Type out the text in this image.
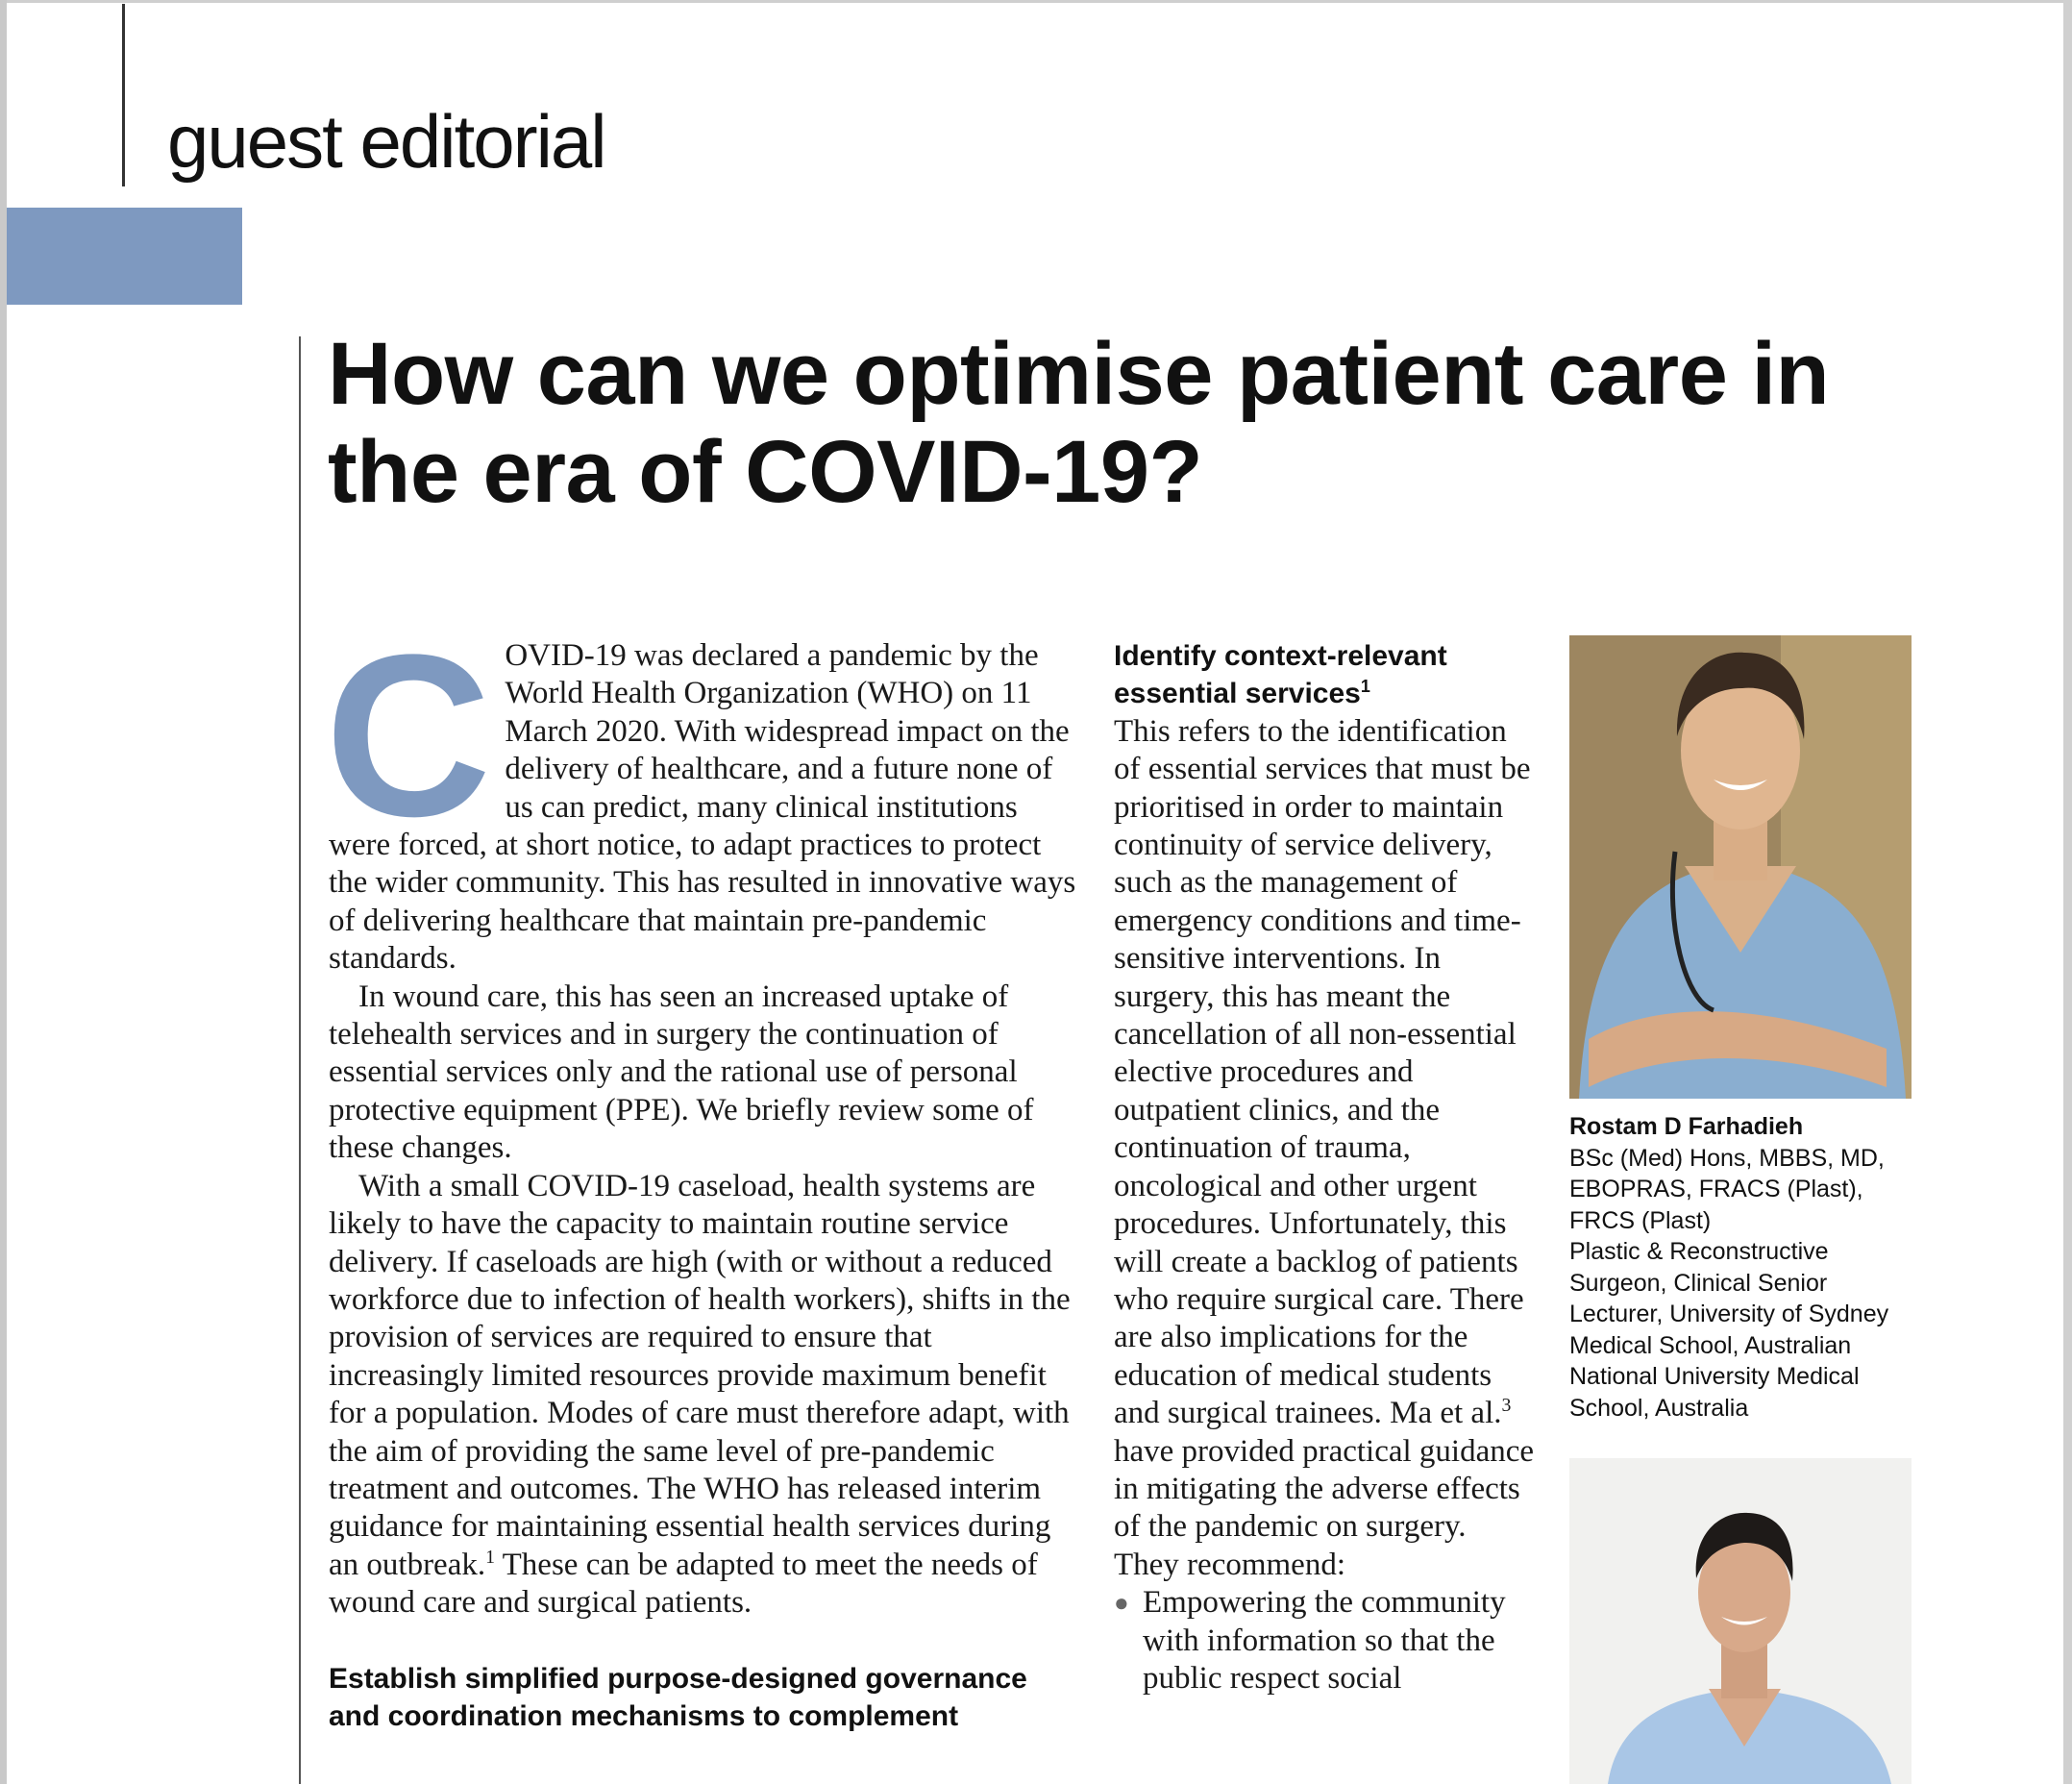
guest editorial
How can we optimise patient care in the era of COVID-19?

COVID-19 was declared a pandemic by the World Health Organization (WHO) on 11 March 2020. With widespread impact on the delivery of healthcare, and a future none of us can predict, many clinical institutions were forced, at short notice, to adapt practices to protect the wider community. This has resulted in innovative ways of delivering healthcare that maintain pre-pandemic standards.

In wound care, this has seen an increased uptake of telehealth services and in surgery the continuation of essential services only and the rational use of personal protective equipment (PPE). We briefly review some of these changes.

With a small COVID-19 caseload, health systems are likely to have the capacity to maintain routine service delivery. If caseloads are high (with or without a reduced workforce due to infection of health workers), shifts in the provision of services are required to ensure that increasingly limited resources provide maximum benefit for a population. Modes of care must therefore adapt, with the aim of providing the same level of pre-pandemic treatment and outcomes. The WHO has released interim guidance for maintaining essential health services during an outbreak.$^1$ These can be adapted to meet the needs of wound care and surgical patients.

Establish simplified purpose-designed governance and coordination mechanisms to complement

Identify context-relevant essential services$^1$

This refers to the identification of essential services that must be prioritised in order to maintain continuity of service delivery, such as the management of emergency conditions and time-sensitive interventions. In surgery, this has meant the cancellation of all non-essential elective procedures and outpatient clinics, and the continuation of trauma, oncological and other urgent procedures. Unfortunately, this will create a backlog of patients who require surgical care. There are also implications for the education of medical students and surgical trainees. Ma et al.$^3$ have provided practical guidance in mitigating the adverse effects of the pandemic on surgery. They recommend:

● Empowering the community with information so that the public respect social
Rostam D Farhadieh
BSc (Med) Hons, MBBS, MD,
EBOPRAS, FRACS (Plast),
FRCS (Plast)
Plastic & Reconstructive
Surgeon, Clinical Senior
Lecturer, University of Sydney
Medical School, Australian
National University Medical
School, Australia
